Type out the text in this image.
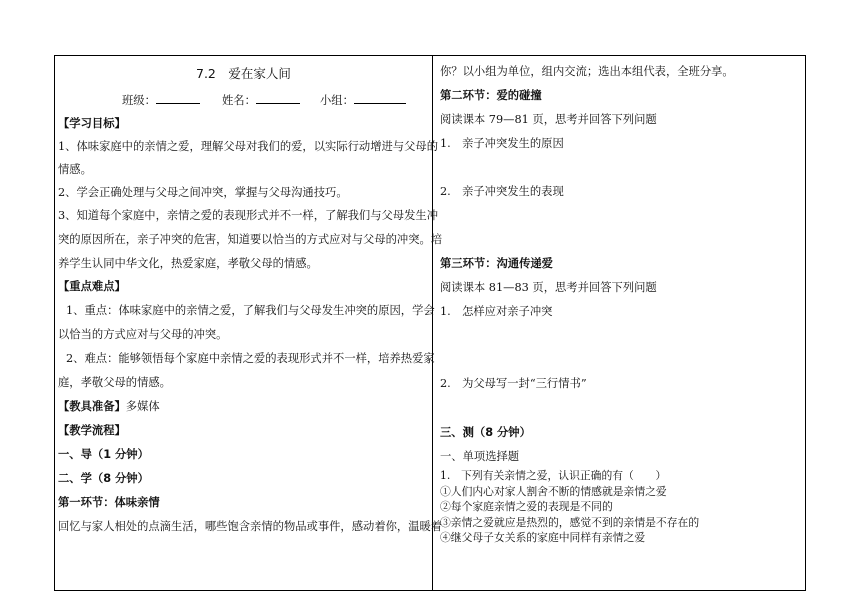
7.2　爱在家人间
班级：	姓名：	小组：
【学习目标】
1、体味家庭中的亲情之爱，理解父母对我们的爱，以实际行动增进与父母的
情感。
2、学会正确处理与父母之间冲突，掌握与父母沟通技巧。
3、知道每个家庭中，亲情之爱的表现形式并不一样，了解我们与父母发生冲
突的原因所在，亲子冲突的危害，知道要以恰当的方式应对与父母的冲突。培
养学生认同中华文化，热爱家庭，孝敬父母的情感。
【重点难点】
1、重点：体味家庭中的亲情之爱，了解我们与父母发生冲突的原因，学会
以恰当的方式应对与父母的冲突。
2、难点：能够领悟每个家庭中亲情之爱的表现形式并不一样，培养热爱家
庭，孝敬父母的情感。
【教具准备】多媒体
【教学流程】
一、导（1 分钟）
二、学（8 分钟）
第一环节：体味亲情
回忆与家人相处的点滴生活，哪些饱含亲情的物品或事件，感动着你，温暖着
你？以小组为单位，组内交流；选出本组代表，全班分享。
第二环节：爱的碰撞
阅读课本 79—81 页，思考并回答下列问题
1.　亲子冲突发生的原因
2.　亲子冲突发生的表现
第三环节：沟通传递爱
阅读课本 81—83 页，思考并回答下列问题
1.　怎样应对亲子冲突
2.　为父母写一封“三行情书”
三、测（8 分钟）
一、单项选择题
1.　下列有关亲情之爱，认识正确的有（　　）
①人们内心对家人割舍不断的情感就是亲情之爱
②每个家庭亲情之爱的表现是不同的
③亲情之爱就应是热烈的，感觉不到的亲情是不存在的
④继父母子女关系的家庭中同样有亲情之爱
